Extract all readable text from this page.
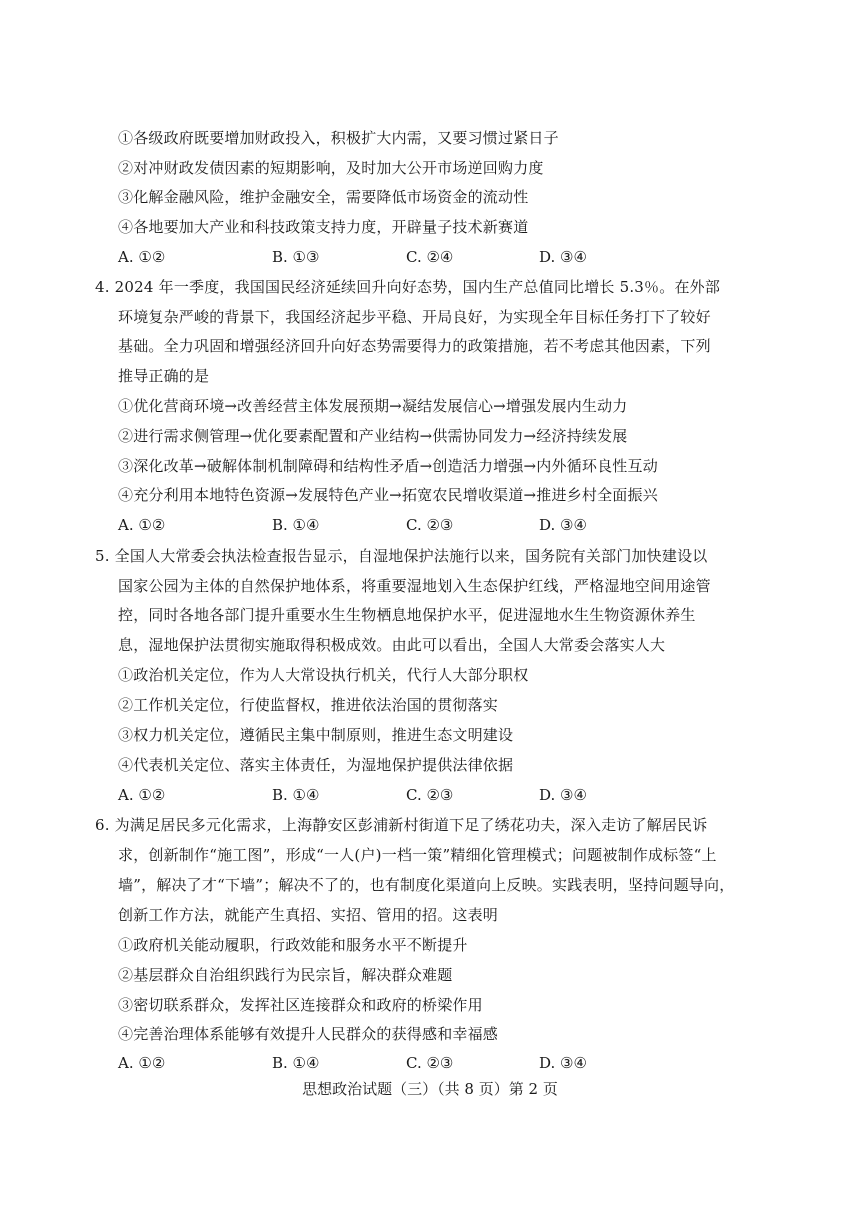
①各级政府既要增加财政投入，积极扩大内需，又要习惯过紧日子
②对冲财政发债因素的短期影响，及时加大公开市场逆回购力度
③化解金融风险，维护金融安全，需要降低市场资金的流动性
④各地要加大产业和科技政策支持力度，开辟量子技术新赛道
A. ①②	B. ①③	C. ②④	D. ③④
4. 2024 年一季度，我国国民经济延续回升向好态势，国内生产总值同比增长 5.3％。在外部
环境复杂严峻的背景下，我国经济起步平稳、开局良好，为实现全年目标任务打下了较好
基础。全力巩固和增强经济回升向好态势需要得力的政策措施，若不考虑其他因素，下列
推导正确的是
①优化营商环境→改善经营主体发展预期→凝结发展信心→增强发展内生动力
②进行需求侧管理→优化要素配置和产业结构→供需协同发力→经济持续发展
③深化改革→破解体制机制障碍和结构性矛盾→创造活力增强→内外循环良性互动
④充分利用本地特色资源→发展特色产业→拓宽农民增收渠道→推进乡村全面振兴
A. ①②	B. ①④	C. ②③	D. ③④
5. 全国人大常委会执法检查报告显示，自湿地保护法施行以来，国务院有关部门加快建设以
国家公园为主体的自然保护地体系，将重要湿地划入生态保护红线，严格湿地空间用途管
控，同时各地各部门提升重要水生生物栖息地保护水平，促进湿地水生生物资源休养生
息，湿地保护法贯彻实施取得积极成效。由此可以看出，全国人大常委会落实人大
①政治机关定位，作为人大常设执行机关，代行人大部分职权
②工作机关定位，行使监督权，推进依法治国的贯彻落实
③权力机关定位，遵循民主集中制原则，推进生态文明建设
④代表机关定位、落实主体责任，为湿地保护提供法律依据
A. ①②	B. ①④	C. ②③	D. ③④
6. 为满足居民多元化需求，上海静安区彭浦新村街道下足了绣花功夫，深入走访了解居民诉
求，创新制作“施工图”，形成“一人(户)一档一策”精细化管理模式；问题被制作成标签“上
墙”，解决了才“下墙”；解决不了的，也有制度化渠道向上反映。实践表明，坚持问题导向，
创新工作方法，就能产生真招、实招、管用的招。这表明
①政府机关能动履职，行政效能和服务水平不断提升
②基层群众自治组织践行为民宗旨，解决群众难题
③密切联系群众，发挥社区连接群众和政府的桥梁作用
④完善治理体系能够有效提升人民群众的获得感和幸福感
A. ①②	B. ①④	C. ②③	D. ③④
思想政治试题（三）（共 8 页）第 2 页
